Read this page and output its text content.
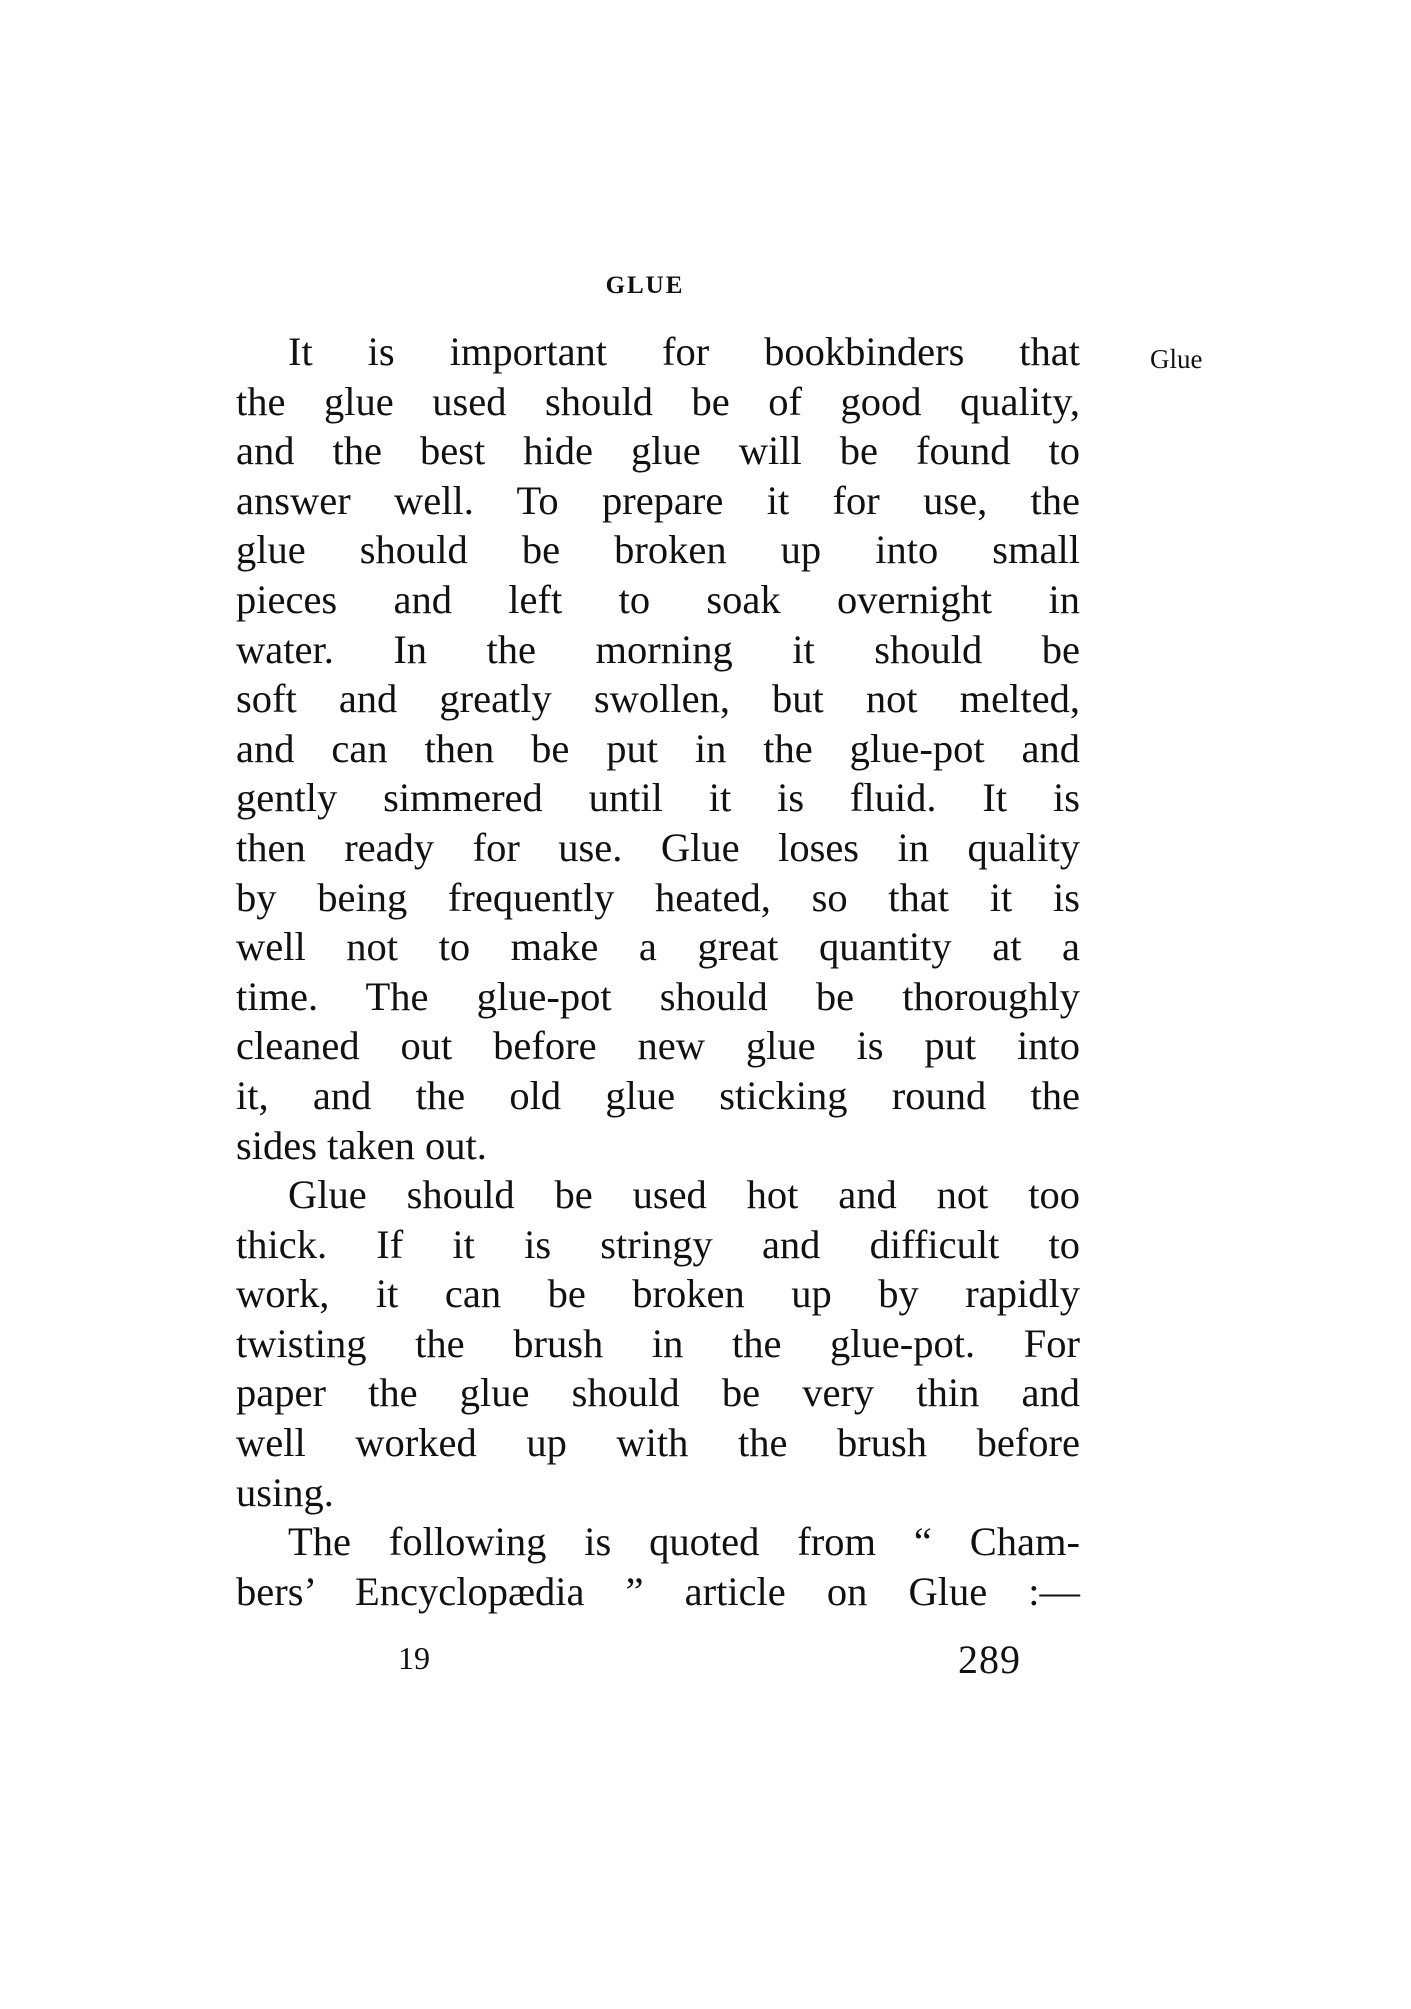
GLUE
Glue
It is important for bookbinders that
the glue used should be of good quality,
and the best hide glue will be found to
answer well. To prepare it for use, the
glue should be broken up into small
pieces and left to soak overnight in
water. In the morning it should be
soft and greatly swollen, but not melted,
and can then be put in the glue-pot and
gently simmered until it is fluid. It is
then ready for use. Glue loses in quality
by being frequently heated, so that it is
well not to make a great quantity at a
time. The glue-pot should be thoroughly
cleaned out before new glue is put into
it, and the old glue sticking round the
sides taken out.
Glue should be used hot and not too
thick. If it is stringy and difficult to
work, it can be broken up by rapidly
twisting the brush in the glue-pot. For
paper the glue should be very thin and
well worked up with the brush before
using.
The following is quoted from “ Cham-
bers’ Encyclopædia ” article on Glue :—
19	289
